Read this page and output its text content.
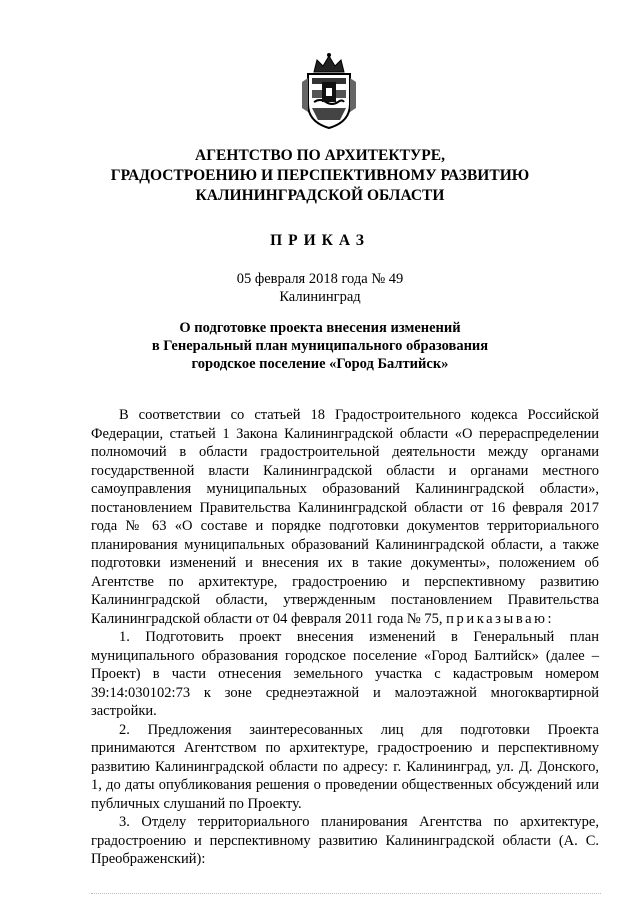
АГЕНТСТВО ПО АРХИТЕКТУРЕ,
ГРАДОСТРОЕНИЮ И ПЕРСПЕКТИВНОМУ РАЗВИТИЮ
КАЛИНИНГРАДСКОЙ ОБЛАСТИ
ПРИКАЗ
05 февраля 2018 года № 49
Калининград
О подготовке проекта внесения изменений
в Генеральный план муниципального образования
городское поселение «Город Балтийск»

В соответствии со статьей 18 Градостроительного кодекса Российской Федерации, статьей 1 Закона Калининградской области «О перераспределении полномочий в области градостроительной деятельности между органами государственной власти Калининградской области и органами местного самоуправления муниципальных образований Калининградской области», постановлением Правительства Калининградской области от 16 февраля 2017 года № 63 «О составе и порядке подготовки документов территориального планирования муниципальных образований Калининградской области, а также подготовки изменений и внесения их в такие документы», положением об Агентстве по архитектуре, градостроению и перспективному развитию Калининградской области, утвержденным постановлением Правительства Калининградской области от 04 февраля 2011 года № 75, приказываю:

1. Подготовить проект внесения изменений в Генеральный план муниципального образования городское поселение «Город Балтийск» (далее – Проект) в части отнесения земельного участка с кадастровым номером 39:14:030102:73 к зоне среднеэтажной и малоэтажной многоквартирной застройки.

2. Предложения заинтересованных лиц для подготовки Проекта принимаются Агентством по архитектуре, градостроению и перспективному развитию Калининградской области по адресу: г. Калининград, ул. Д. Донского, 1, до даты опубликования решения о проведении общественных обсуждений или публичных слушаний по Проекту.

3. Отделу территориального планирования Агентства по архитектуре, градостроению и перспективному развитию Калининградской области (А. С. Преображенский):
